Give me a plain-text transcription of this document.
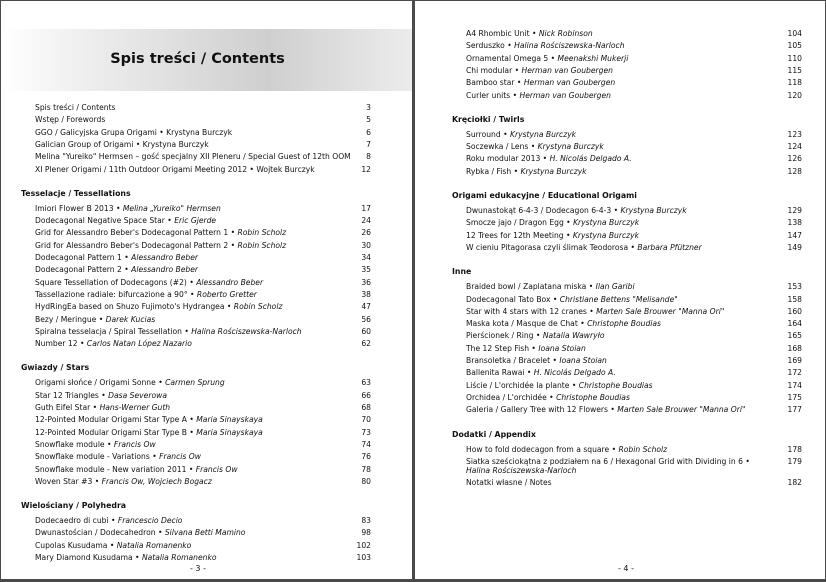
Spis treści / Contents
Spis treści / Contents	3
Wstęp / Forewords	5
GGO / Galicyjska Grupa Origami • Krystyna Burczyk	6
Galician Group of Origami • Krystyna Burczyk	7
Melina "Yureiko" Hermsen – gość specjalny XII Pleneru / Special Guest of 12th OOM	8
XI Plener Origami / 11th Outdoor Origami Meeting 2012 • Wojtek Burczyk	12
Tesselacje / Tessellations
Imiori Flower B 2013 • Melina „Yureiko" Hermsen	17
Dodecagonal Negative Space Star • Eric Gjerde	24
Grid for Alessandro Beber's Dodecagonal Pattern 1 • Robin Scholz	26
Grid for Alessandro Beber's Dodecagonal Pattern 2 • Robin Scholz	30
Dodecagonal Pattern 1 • Alessandro Beber	34
Dodecagonal Pattern 2 • Alessandro Beber	35
Square Tessellation of Dodecagons (#2) • Alessandro Beber	36
Tassellazione radiale: bifurcazione a 90° • Roberto Gretter	38
HydRingEa based on Shuzo Fujimoto's Hydrangea • Robin Scholz	47
Bezy / Meringue • Darek Kucias	56
Spiralna tesselacja / Spiral Tessellation • Halina Rościszewska-Narloch	60
Number 12 • Carlos Natan López Nazario	62
Gwiazdy / Stars
Origami słońce / Origami Sonne • Carmen Sprung	63
Star 12 Triangles • Dasa Severowa	66
Guth Eifel Star • Hans-Werner Guth	68
12-Pointed Modular Origami Star Type A • Maria Sinayskaya	70
12-Pointed Modular Origami Star Type B • Maria Sinayskaya	73
Snowflake module • Francis Ow	74
Snowflake module - Variations • Francis Ow	76
Snowflake module - New variation 2011 • Francis Ow	78
Woven Star #3 • Francis Ow, Wojciech Bogacz	80
Wielościany / Polyhedra
Dodecaedro di cubi • Francescio Decio	83
Dwunastościan / Dodecahedron • Silvana Betti Mamino	98
Cupolas Kusudama • Natalia Romanenko	102
Mary Diamond Kusudama • Natalia Romanenko	103
- 3 -
A4 Rhombic Unit • Nick Robinson	104
Serduszko • Halina Rościszewska-Narloch	105
Ornamental Omega 5 • Meenakshi Mukerji	110
Chi modular • Herman van Goubergen	115
Bamboo star • Herman van Goubergen	118
Curler units • Herman van Goubergen	120
Kręciołki / Twirls
Surround • Krystyna Burczyk	123
Soczewka / Lens • Krystyna Burczyk	124
Roku modular 2013 • H. Nicolás Delgado A.	126
Rybka / Fish • Krystyna Burczyk	128
Origami edukacyjne / Educational Origami
Dwunastokąt 6-4-3 / Dodecagon 6-4-3 • Krystyna Burczyk	129
Smocze jajo / Dragon Egg • Krystyna Burczyk	138
12 Trees for 12th Meeting • Krystyna Burczyk	147
W cieniu Pitagorasa czyli ślimak Teodorosa • Barbara Pfützner	149
Inne
Braided bowl / Zaplatana miska • Ilan Garibi	153
Dodecagonal Tato Box • Christiane Bettens "Melisande"	158
Star with 4 stars with 12 cranes • Marten Sale Brouwer "Manna Ori"	160
Maska kota / Masque de Chat • Christophe Boudias	164
Pierścionek / Ring • Natalia Wawryło	165
The 12 Step Fish • Ioana Stoian	168
Bransoletka / Bracelet • Ioana Stoian	169
Ballenita Rawai • H. Nicolás Delgado A.	172
Liście / L'orchidée la plante • Christophe Boudias	174
Orchidea / L'orchidée • Christophe Boudias	175
Galeria / Gallery Tree with 12 Flowers • Marten Sale Brouwer "Manna Ori"	177
Dodatki / Appendix
How to fold dodecagon from a square • Robin Scholz	178
Siatka sześciokątna z podziałem na 6 / Hexagonal Grid with Dividing in 6 •	179
Halina Rościszewska-Narloch
Notatki własne / Notes	182
- 4 -
